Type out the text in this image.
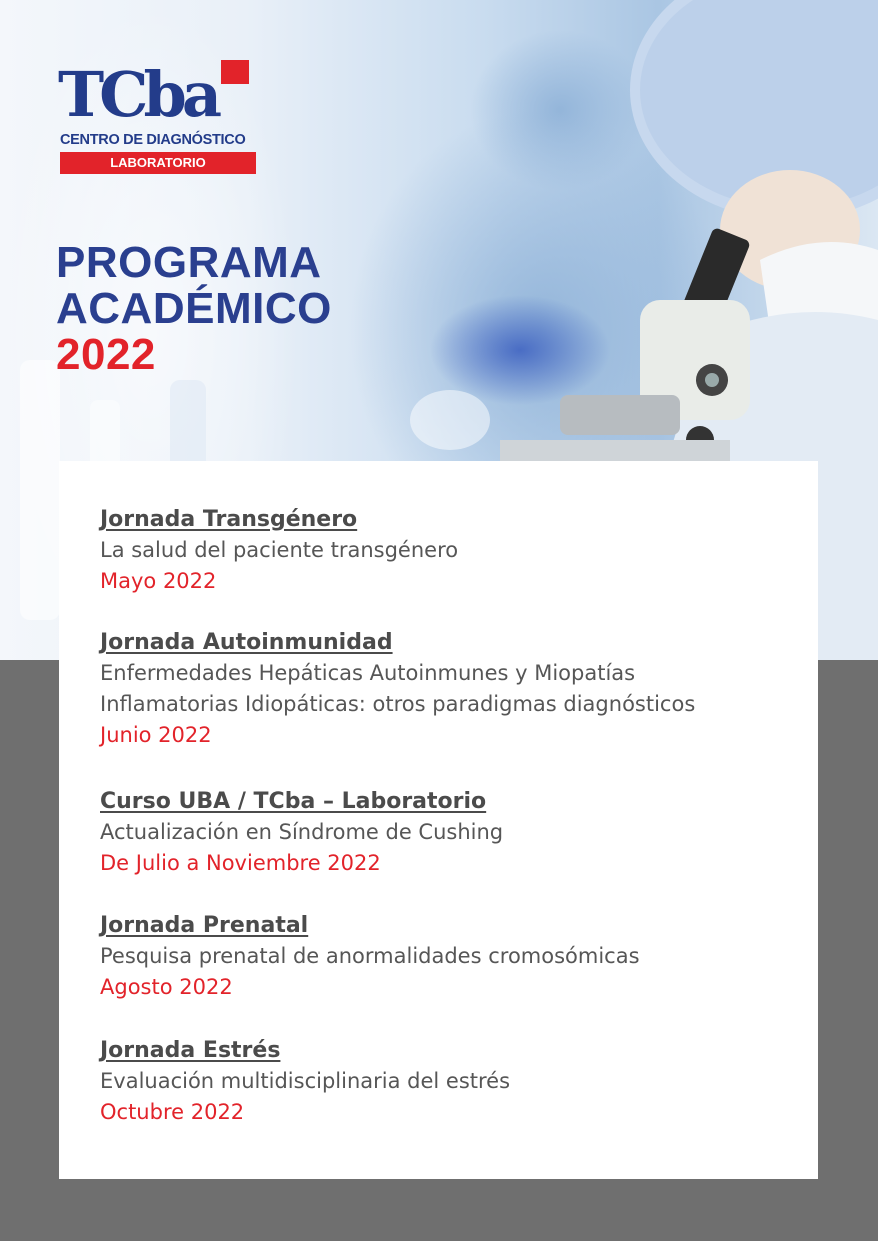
TCba
CENTRO DE DIAGNÓSTICO
LABORATORIO
PROGRAMA
ACADÉMICO
2022
Jornada Transgénero
La salud del paciente transgénero
Mayo 2022
Jornada Autoinmunidad
Enfermedades Hepáticas Autoinmunes y Miopatías
Inflamatorias Idiopáticas: otros paradigmas diagnósticos
Junio 2022
Curso UBA / TCba – Laboratorio
Actualización en Síndrome de Cushing
De Julio a Noviembre 2022
Jornada Prenatal
Pesquisa prenatal de anormalidades cromosómicas
Agosto 2022
Jornada Estrés
Evaluación multidisciplinaria del estrés
Octubre 2022
